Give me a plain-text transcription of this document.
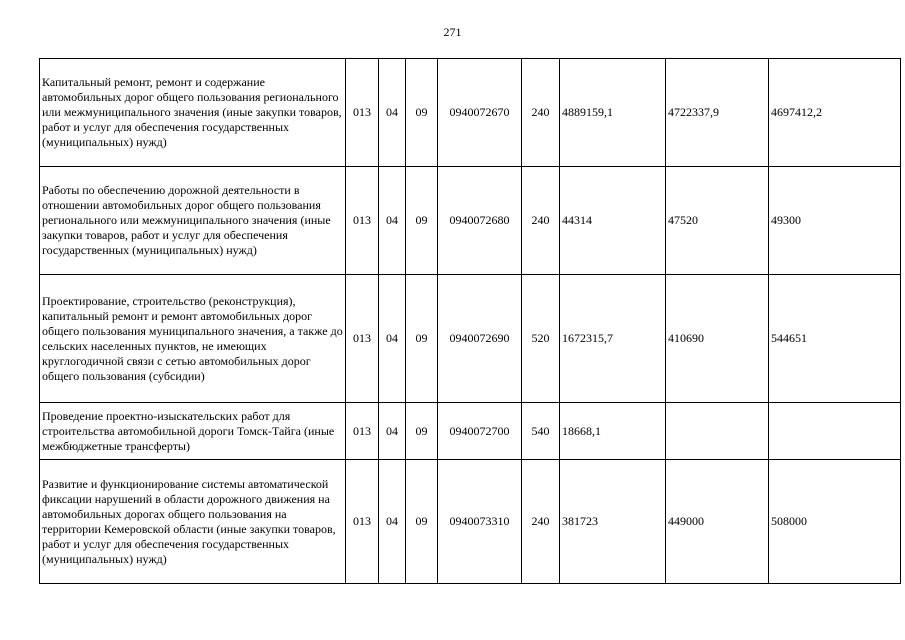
271
Капитальный ремонт, ремонт и содержание автомобильных дорог общего пользования регионального или межмуниципального значения (иные закупки товаров, работ и услуг для обеспечения государственных (муниципальных) нужд)	013	04	09	0940072670	240	4889159,1	4722337,9	4697412,2
Работы по обеспечению дорожной деятельности в отношении автомобильных дорог общего пользования регионального или межмуниципального значения (иные закупки товаров, работ и услуг для обеспечения государственных (муниципальных) нужд)	013	04	09	0940072680	240	44314	47520	49300
Проектирование, строительство (реконструкция), капитальный ремонт и ремонт автомобильных дорог общего пользования муниципального значения, а также до сельских населенных пунктов, не имеющих круглогодичной связи с сетью автомобильных дорог общего пользования (субсидии)	013	04	09	0940072690	520	1672315,7	410690	544651
Проведение проектно-изыскательских работ для строительства автомобильной дороги Томск-Тайга (иные межбюджетные трансферты)	013	04	09	0940072700	540	18668,1		
Развитие и функционирование системы автоматической фиксации нарушений в области дорожного движения на автомобильных дорогах общего пользования на территории Кемеровской области (иные закупки товаров, работ и услуг для обеспечения государственных (муниципальных) нужд)	013	04	09	0940073310	240	381723	449000	508000
